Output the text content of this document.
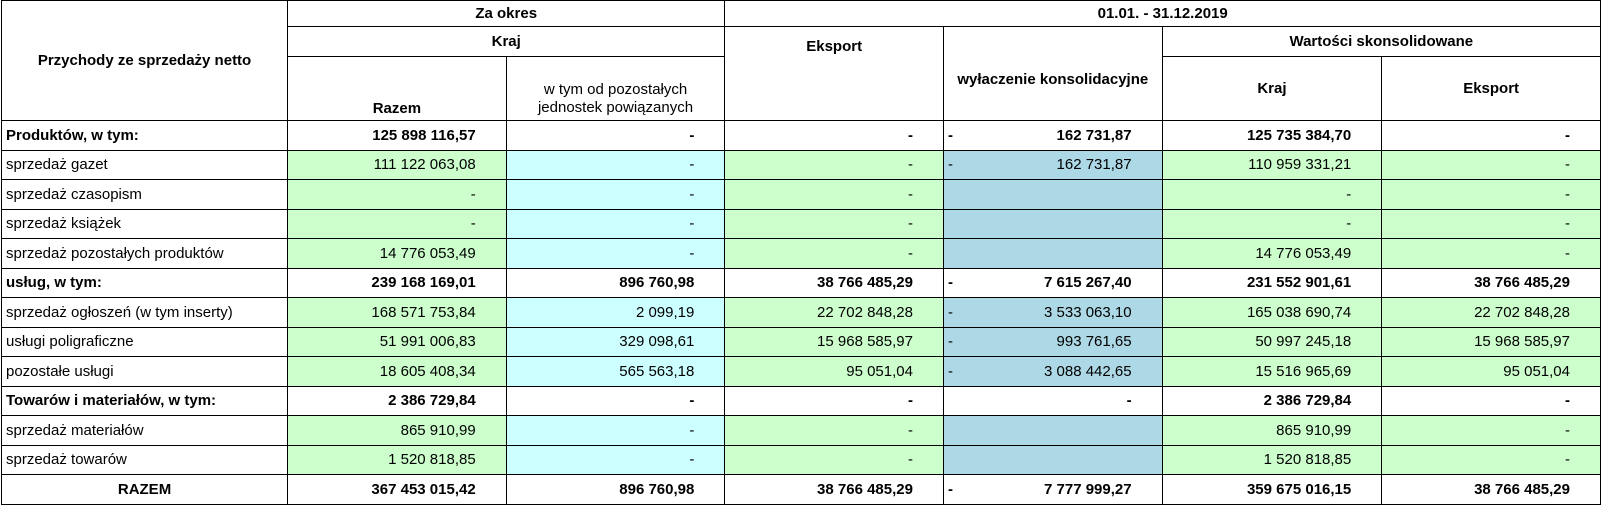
Przychody ze sprzedaży netto	Za okres		01.01. - 31.12.2019			
	Kraj		Eksport	wyłaczenie konsolidacyjne	Wartości skonsolidowane	
	Razem	w tym od pozostałych jednostek powiązanych			Kraj	Eksport
Produktów, w tym:	125 898 116,57	-	-	- 162 731,87	125 735 384,70	-
sprzedaż gazet	111 122 063,08	-	-	- 162 731,87	110 959 331,21	-
sprzedaż czasopism	-	-	-		-	-
sprzedaż książek	-	-	-		-	-
sprzedaż pozostałych produktów	14 776 053,49	-	-		14 776 053,49	-
usług, w tym:	239 168 169,01	896 760,98	38 766 485,29	- 7 615 267,40	231 552 901,61	38 766 485,29
sprzedaż ogłoszeń (w tym inserty)	168 571 753,84	2 099,19	22 702 848,28	- 3 533 063,10	165 038 690,74	22 702 848,28
usługi poligraficzne	51 991 006,83	329 098,61	15 968 585,97	- 993 761,65	50 997 245,18	15 968 585,97
pozostałe usługi	18 605 408,34	565 563,18	95 051,04	- 3 088 442,65	15 516 965,69	95 051,04
Towarów i materiałów, w tym:	2 386 729,84	-	-	-	2 386 729,84	-
sprzedaż materiałów	865 910,99	-	-		865 910,99	-
sprzedaż towarów	1 520 818,85	-	-		1 520 818,85	-
RAZEM	367 453 015,42	896 760,98	38 766 485,29	- 7 777 999,27	359 675 016,15	38 766 485,29
